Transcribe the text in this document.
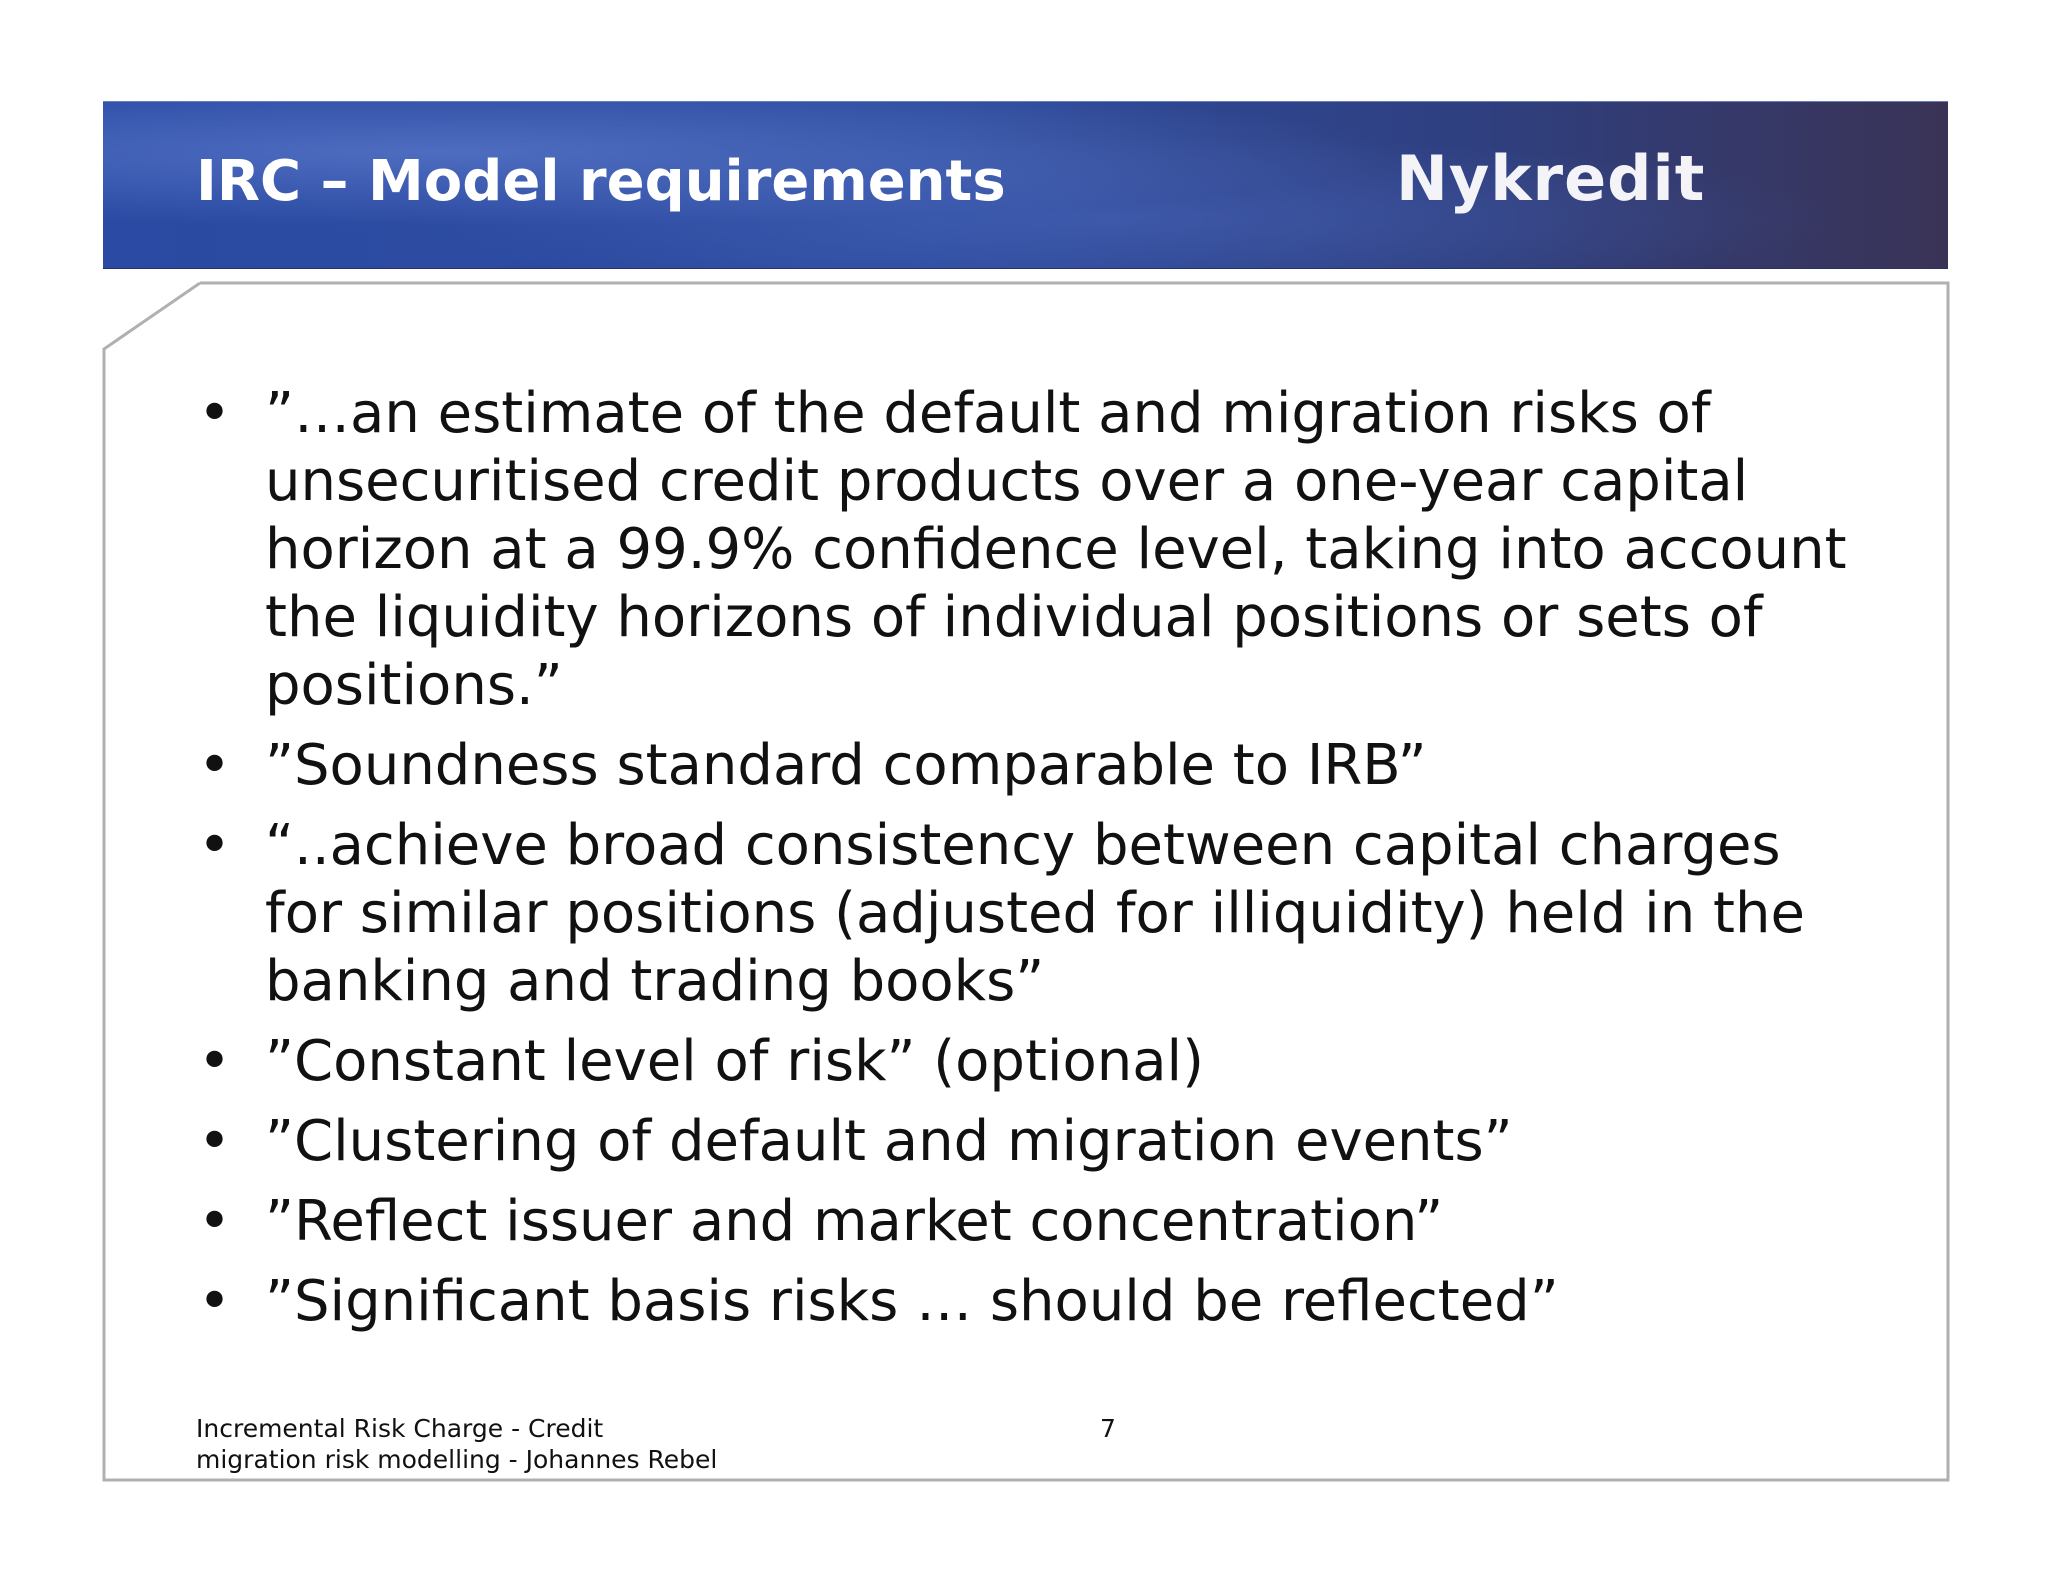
IRC – Model requirements	Nykredit
• ”…an estimate of the default and migration risks of unsecuritised credit products over a one-year capital horizon at a 99.9% confidence level, taking into account the liquidity horizons of individual positions or sets of positions.”
• ”Soundness standard comparable to IRB”
• “..achieve broad consistency between capital charges for similar positions (adjusted for illiquidity) held in the banking and trading books”
• ”Constant level of risk” (optional)
• ”Clustering of default and migration events”
• ”Reflect issuer and market concentration”
• ”Significant basis risks … should be reflected”
Incremental Risk Charge - Credit
migration risk modelling - Johannes Rebel
7
